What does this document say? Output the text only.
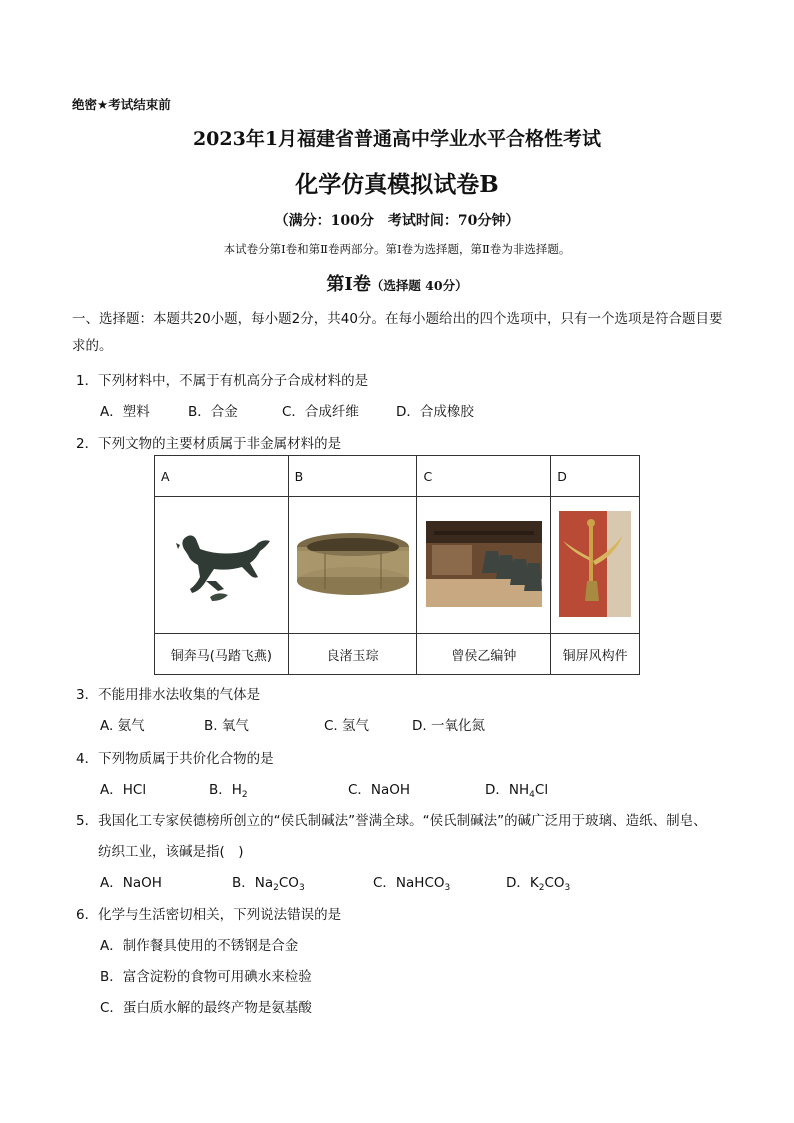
绝密★考试结束前
2023年1月福建省普通高中学业水平合格性考试
化学仿真模拟试卷B
（满分：100分　考试时间：70分钟）
本试卷分第Ⅰ卷和第Ⅱ卷两部分。第Ⅰ卷为选择题，第Ⅱ卷为非选择题。
第Ⅰ卷（选择题 40分）
一、选择题：本题共20小题，每小题2分，共40分。在每小题给出的四个选项中，只有一个选项是符合题目要求的。
1．下列材料中，不属于有机高分子合成材料的是
A．塑料	B．合金	C．合成纤维	D．合成橡胶
2．下列文物的主要材质属于非金属材料的是
A	B	C	D

铜奔马(马踏飞燕)	良渚玉琮	曾侯乙编钟	铜屏风构件
3．不能用排水法收集的气体是
A. 氨气	B. 氧气	C. 氢气	D. 一氧化氮
4．下列物质属于共价化合物的是
A．HCl	B．$H_2$	C．NaOH	D．$NH_4Cl$
5．我国化工专家侯德榜所创立的“侯氏制碱法”誉满全球。“侯氏制碱法”的碱广泛用于玻璃、造纸、制皂、
纺织工业，该碱是指(　)
A．NaOH	B．$Na_2CO_3$	C．NaHCO$_3$	D．$K_2CO_3$
6．化学与生活密切相关，下列说法错误的是
A．制作餐具使用的不锈钢是合金
B．富含淀粉的食物可用碘水来检验
C．蛋白质水解的最终产物是氨基酸
